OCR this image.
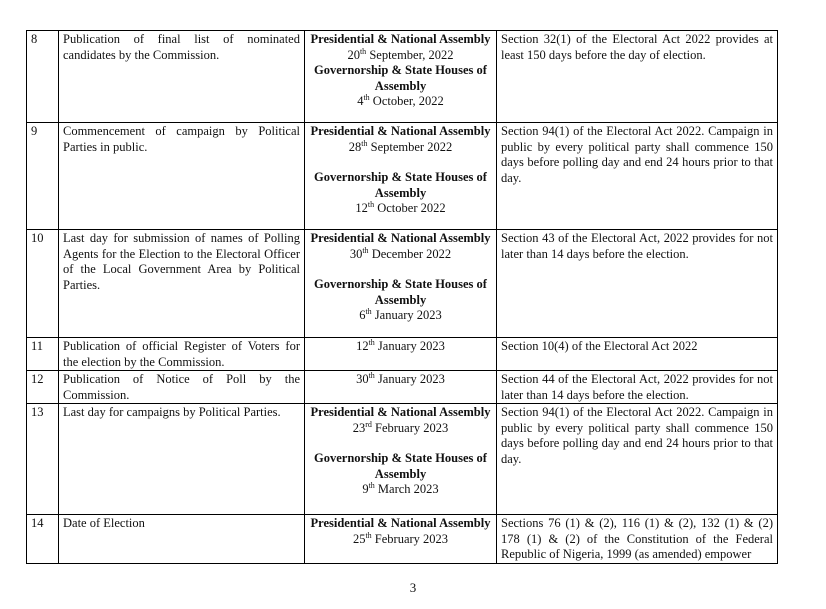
8	Publication of final list of nominated candidates by the Commission.	Presidential & National Assembly
20th September, 2022
Governorship & State Houses of Assembly
4th October, 2022	Section 32(1) of the Electoral Act 2022 provides at least 150 days before the day of election.
9	Commencement of campaign by Political Parties in public.	Presidential & National Assembly
28th September 2022
Governorship & State Houses of Assembly
12th October 2022	Section 94(1) of the Electoral Act 2022. Campaign in public by every political party shall commence 150 days before polling day and end 24 hours prior to that day.
10	Last day for submission of names of Polling Agents for the Election to the Electoral Officer of the Local Government Area by Political Parties.	Presidential & National Assembly
30th December 2022
Governorship & State Houses of Assembly
6th January 2023	Section 43 of the Electoral Act, 2022 provides for not later than 14 days before the election.
11	Publication of official Register of Voters for the election by the Commission.	12th January 2023	Section 10(4) of the Electoral Act 2022
12	Publication of Notice of Poll by the Commission.	30th January 2023	Section 44 of the Electoral Act, 2022 provides for not later than 14 days before the election.
13	Last day for campaigns by Political Parties.	Presidential & National Assembly
23rd February 2023
Governorship & State Houses of Assembly
9th March 2023	Section 94(1) of the Electoral Act 2022. Campaign in public by every political party shall commence 150 days before polling day and end 24 hours prior to that day.
14	Date of Election	Presidential & National Assembly
25th February 2023	Sections 76 (1) & (2), 116 (1) & (2), 132 (1) & (2) 178 (1) & (2) of the Constitution of the Federal Republic of Nigeria, 1999 (as amended) empower
3
